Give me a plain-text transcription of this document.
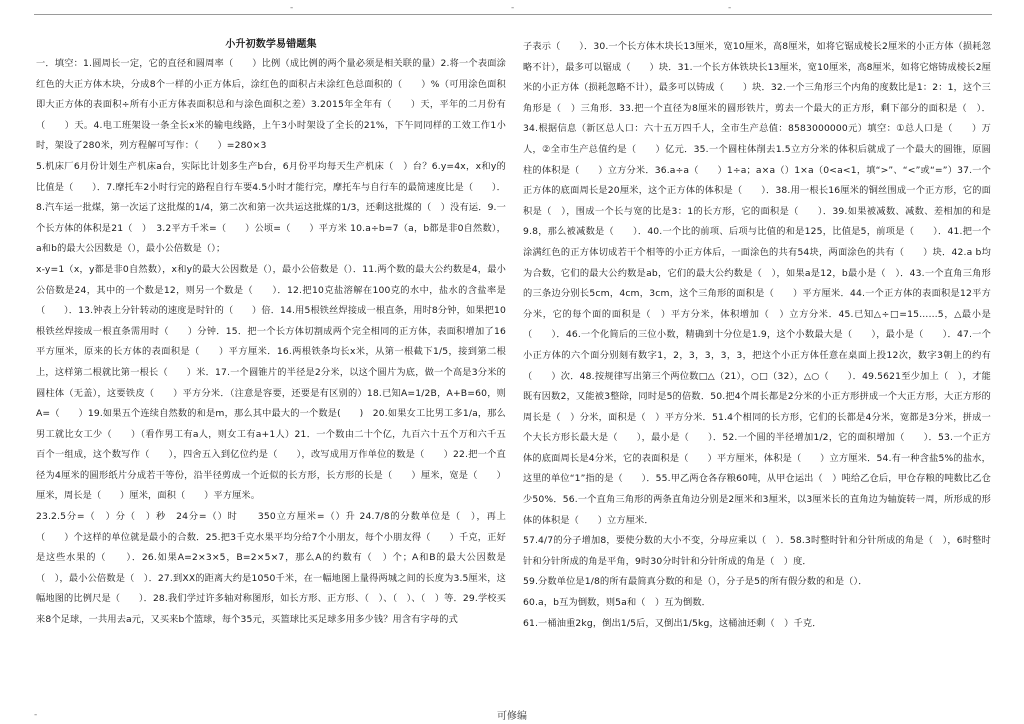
-	-	-
小升初数学易错题集

一．填空：1.圆周长一定，它的直径和圆周率（　　）比例（成比例的两个量必须是相关联的量）2.将一个表面涂红色的大正方体木块，分成8个一样的小正方体后，涂红色的面积占未涂红色总面积的（　　）%（可用涂色面积即大正方体的表面积÷所有小正方体表面积总和与涂色面积之差）3.2015年全年有（　　）天，平年的二月份有（　　）天。4.电工班架设一条全长x米的输电线路，上午3小时架设了全长的21%，下午同同样的工效工作1小时，架设了280米，列方程解可写作：（　　）=280×3

5.机床厂6月份计划生产机床a台，实际比计划多生产b台，6月份平均每天生产机床（　）台？6.y=4x，x和y的比值是（　　）．7.摩托车2小时行完的路程自行车要4.5小时才能行完，摩托车与自行车的最简速度比是（　　）．8.汽车运一批煤，第一次运了这批煤的1/4，第二次和第一次共运这批煤的1/3，还剩这批煤的（　）没有运．9.一个长方体的体积是21（　）　3.2平方千米=（　　）公顷=（　　）平方米 10.a÷b=7（a，b都是非0自然数），a和b的最大公因数是（），最小公倍数是（）；

x-y=1（x，y都是非0自然数），x和y的最大公因数是（），最小公倍数是（）．11.两个数的最大公约数是4，最小公倍数是24，其中的一个数是12，则另一个数是（　　）．12.把10克盐溶解在100克的水中，盐水的含盐率是（　　）．13.钟表上分针转动的速度是时针的（　　）倍．14.用5根铁丝焊接成一根直条，用时8分钟，如果把10根铁丝焊接成一根直条需用时（　　）分钟．15．把一个长方体切割成两个完全相同的正方体，表面积增加了16平方厘米，原来的长方体的表面积是（　　）平方厘米．16.两根铁条均长x米，从第一根截下1/5，接到第二根上，这样第二根就比第一根长（　　）米．17.一个圆锥片的半径是2分米，以这个圆片为底，做一个高是3分米的圆柱体（无盖），这要铁皮（　　）平方分米．（注意是容要，还要是有区别的）18.已知A=1/2B，A+B=60，则A=（　　）19.如果五个连续自然数的和是m，那么其中最大的一个数是(　　)　20.如果女工比男工多1/a，那么男工就比女工少（　　）（看作男工有a人，则女工有a+1人）21．一个数由二十个亿，九百六十五个万和六千五百个一组成，这个数写作（　　），四舍五入到亿位约是（　　），改写成用万作单位的数是（　　）22.把一个直径为4厘米的圆形纸片分成若干等份，沿半径剪成一个近似的长方形，长方形的长是（　　）厘米，宽是（　　）厘米，周长是（　　）厘米，面积（　　）平方厘米。

23.2.5分=（　）分（　）秒　24分=（）时　　350立方厘米=（）升 24.7/8的分数单位是（　），再上（　　）个这样的单位就是最小的合数．25.把3千克水果平均分给7个小朋友，每个小朋友得（　　）千克，正好是这些水果的（　　）．26.如果A=2×3×5，B=2×5×7，那么A的约数有（　）个；A和B的最大公因数是（　），最小公倍数是（　）．27.到XX的距离大约是1050千米，在一幅地图上量得两城之间的长度为3.5厘米，这幅地图的比例尺是（　　）．28.我们学过许多轴对称图形，如长方形、正方形、（　）、（　）、（　）等．29.学校买来8个足球，一共用去a元，又买来b个篮球，每个35元，买篮球比买足球多用多少钱？用含有字母的式

子表示（　　）．30.一个长方体木块长13厘米，宽10厘米，高8厘米，如将它锯成棱长2厘米的小正方体（损耗忽略不计），最多可以锯成（　　）块．31.一个长方体铁块长13厘米，宽10厘米，高8厘米，如将它熔铸成棱长2厘米的小正方体（损耗忽略不计），最多可以铸成（　　）块．32.一个三角形三个内角的度数比是1：2：1，这个三角形是（　）三角形．33.把一个直径为8厘米的圆形铁片，剪去一个最大的正方形，剩下部分的面积是（　）．34.根据信息（新区总人口：六十五万四千人，全市生产总值：8583000000元）填空：①总人口是（　　）万人，②全市生产总值约是（　　）亿元．35.一个圆柱体削去1.5立方分米的体积后就成了一个最大的圆锥，原圆柱的体积是（　　）立方分米．36.a÷a（　　）1÷a；a×a（）1×a（0<a<1，填“>”、“<”或“=”）37.一个正方体的底面周长是20厘米，这个正方体的体积是（　　）．38.用一根长16厘米的铜丝围成一个正方形，它的面积是（　），围成一个长与宽的比是3：1的长方形，它的面积是（　　）．39.如果被减数、减数、差相加的和是9.8，那么被减数是（　　）．40.一个比的前项、后项与比值的和是125，比值是5，前项是（　　）．41.把一个涂满红色的正方体切成若干个相等的小正方体后，一面涂色的共有54块，两面涂色的共有（　　）块．42.a b均为合数，它们的最大公约数是ab，它们的最大公约数是（　），如果a是12，b最小是（　）．43.一个直角三角形的三条边分别长5cm，4cm，3cm，这个三角形的面积是（　　）平方厘米．44.一个正方体的表面积是12平方分米，它的每个面的面积是（　）平方分米，体积增加（　）立方分米．45.已知△÷□=15……5，△最小是（　　）．46.一个化简后的三位小数，精确到十分位是1.9，这个小数最大是（　　），最小是（　　）．47.一个小正方体的六个面分别刻有数字1，2，3，3，3，3，把这个小正方体任意在桌面上投12次，数字3朝上的约有（　　）次．48.按规律写出第三个两位数□△（21），○□（32），△○（　　）．49.5621至少加上（　），才能既有因数2，又能被3整除，同时是5的倍数．50.把4个周长都是2分米的小正方形拼成一个大正方形，大正方形的周长是（　）分米，面积是（　）平方分米．51.4个相同的长方形，它们的长都是4分米，宽都是3分米，拼成一个大长方形长最大是（　　），最小是（　　）．52.一个圆的半径增加1/2，它的面积增加（　　）．53.一个正方体的底面周长是4分米，它的表面积是（　　）平方厘米，体积是（　　）立方厘米．54.有一种含盐5%的盐水，这里的单位“1”指的是（　　）．55.甲乙两仓各存粮60吨，从甲仓运出（　）吨给乙仓后，甲仓存粮的吨数比乙仓少50%．56.一个直角三角形的两条直角边分别是2厘米和3厘米，以3厘米长的直角边为轴旋转一周，所形成的形体的体积是（　　）立方厘米．

57.4/7的分子增加8，要使分数的大小不变，分母应乘以（　）．58.3时整时针和分针所成的角是（　），6时整时针和分针所成的角是平角，9时30分时针和分针所成的角是（　）度．

59.分数单位是1/8的所有最简真分数的和是（），分子是5的所有假分数的和是（）．

60.a，b互为倒数，则5a和（　）互为倒数．

61.一桶油重2kg，倒出1/5后，又倒出1/5kg，这桶油还剩（　）千克．

-	可修编
